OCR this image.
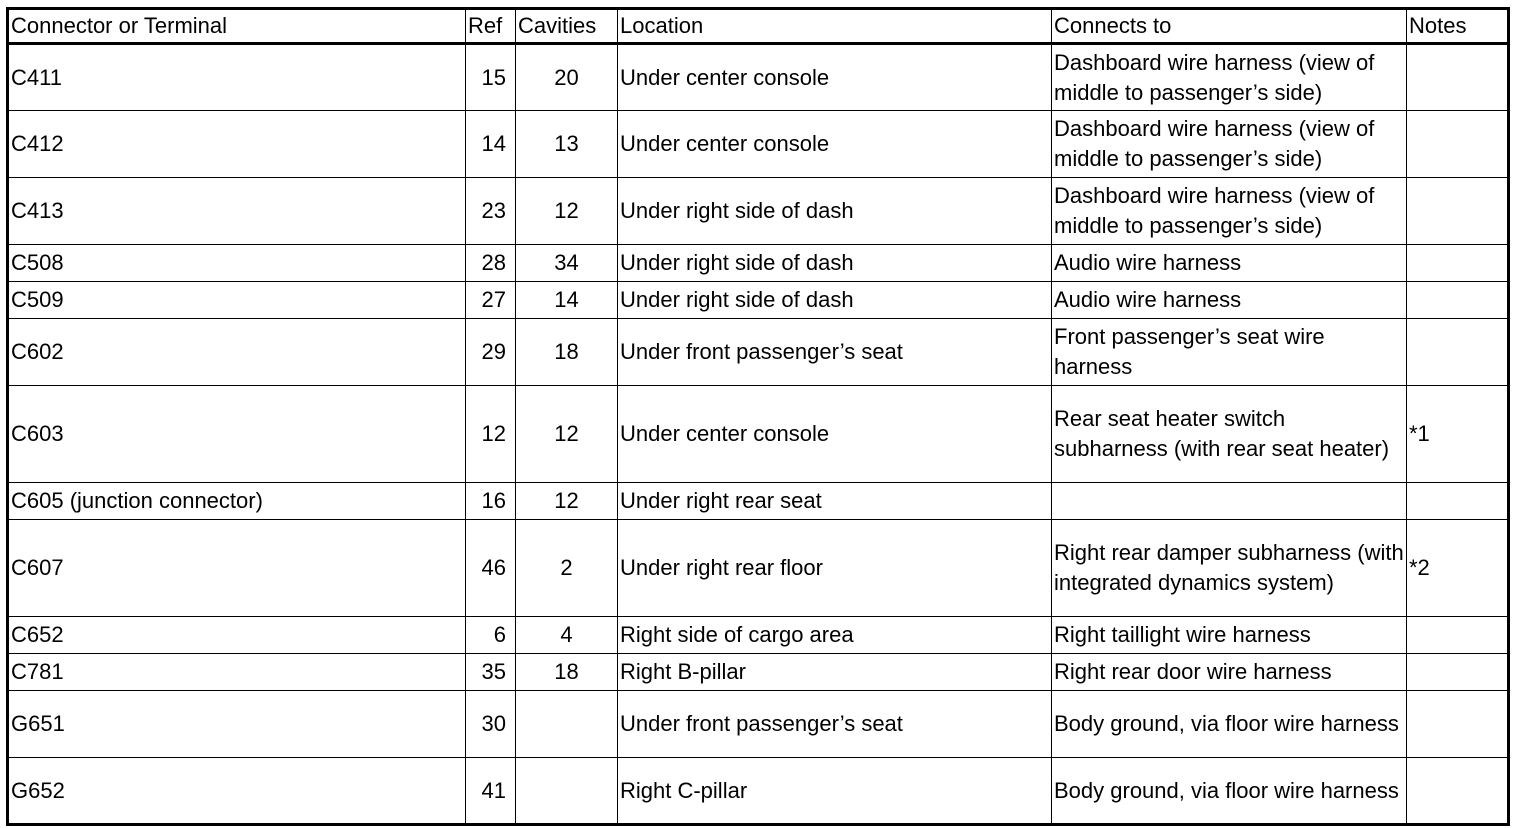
Connector or Terminal	Ref	Cavities	Location	Connects to	Notes
C411	15	20	Under center console	Dashboard wire harness (view of middle to passenger’s side)	
C412	14	13	Under center console	Dashboard wire harness (view of middle to passenger’s side)	
C413	23	12	Under right side of dash	Dashboard wire harness (view of middle to passenger’s side)	
C508	28	34	Under right side of dash	Audio wire harness	
C509	27	14	Under right side of dash	Audio wire harness	
C602	29	18	Under front passenger’s seat	Front passenger’s seat wire harness	
C603	12	12	Under center console	Rear seat heater switch subharness (with rear seat heater)	*1
C605 (junction connector)	16	12	Under right rear seat		
C607	46	2	Under right rear floor	Right rear damper subharness (with integrated dynamics system)	*2
C652	6	4	Right side of cargo area	Right taillight wire harness	
C781	35	18	Right B-pillar	Right rear door wire harness	
G651	30		Under front passenger’s seat	Body ground, via floor wire harness	
G652	41		Right C-pillar	Body ground, via floor wire harness	
